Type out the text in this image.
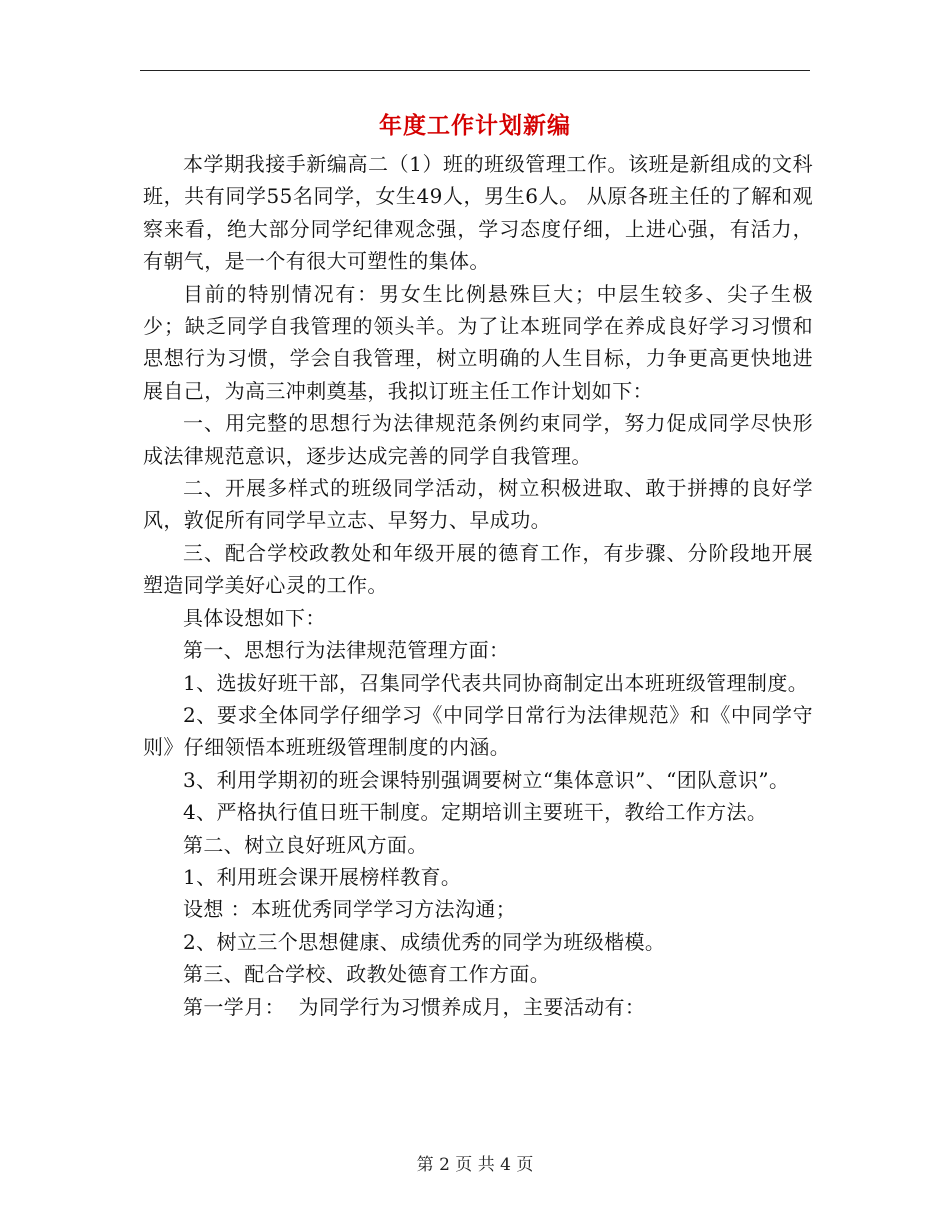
年度工作计划新编

本学期我接手新编高二（1）班的班级管理工作。该班是新组成的文科班，共有同学55名同学，女生49人，男生6人。 从原各班主任的了解和观察来看，绝大部分同学纪律观念强，学习态度仔细，上进心强，有活力，有朝气，是一个有很大可塑性的集体。

目前的特别情况有：男女生比例悬殊巨大；中层生较多、尖子生极少；缺乏同学自我管理的领头羊。为了让本班同学在养成良好学习习惯和思想行为习惯，学会自我管理，树立明确的人生目标，力争更高更快地进展自己，为高三冲刺奠基，我拟订班主任工作计划如下：

一、用完整的思想行为法律规范条例约束同学，努力促成同学尽快形成法律规范意识，逐步达成完善的同学自我管理。

二、开展多样式的班级同学活动，树立积极进取、敢于拼搏的良好学风，敦促所有同学早立志、早努力、早成功。

三、配合学校政教处和年级开展的德育工作，有步骤、分阶段地开展塑造同学美好心灵的工作。

具体设想如下：

第一、思想行为法律规范管理方面：

1、选拔好班干部，召集同学代表共同协商制定出本班班级管理制度。

2、要求全体同学仔细学习《中同学日常行为法律规范》和《中同学守则》仔细领悟本班班级管理制度的内涵。

3、利用学期初的班会课特别强调要树立“集体意识”、“团队意识”。

4、严格执行值日班干制度。定期培训主要班干，教给工作方法。

第二、树立良好班风方面。

1、利用班会课开展榜样教育。

设想 ：本班优秀同学学习方法沟通；

2、树立三个思想健康、成绩优秀的同学为班级楷模。

第三、配合学校、政教处德育工作方面。

第一学月：  为同学行为习惯养成月，主要活动有：

第 2 页 共 4 页
